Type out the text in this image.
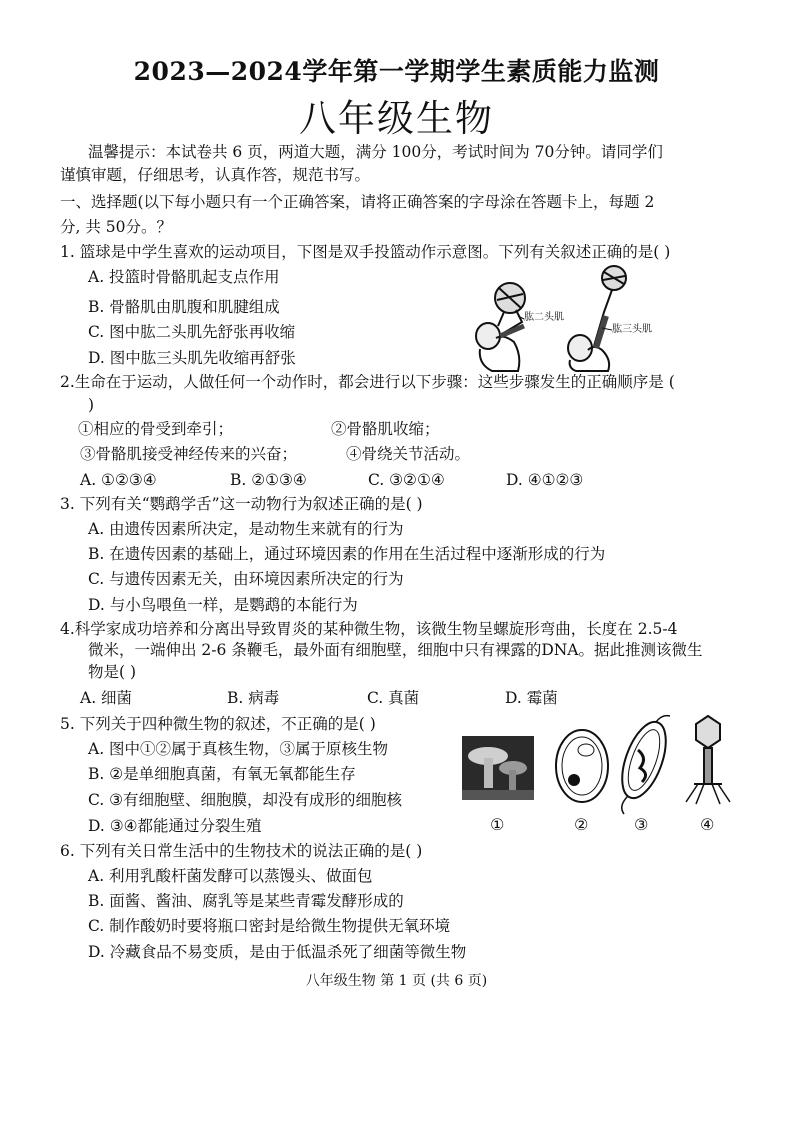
2023—2024学年第一学期学生素质能力监测
八年级生物
温馨提示：本试卷共 6 页，两道大题，满分 100分，考试时间为 70分钟。请同学们
谨慎审题，仔细思考，认真作答，规范书写。
一、选择题(以下每小题只有一个正确答案，请将正确答案的字母涂在答题卡上，每题 2
分, 共 50分。？
1. 篮球是中学生喜欢的运动项目，下图是双手投篮动作示意图。下列有关叙述正确的是( )
A. 投篮时骨骼肌起支点作用
B. 骨骼肌由肌腹和肌腱组成
C. 图中肱二头肌先舒张再收缩
D. 图中肱三头肌先收缩再舒张
肱二头肌
肱三头肌
2.生命在于运动，人做任何一个动作时，都会进行以下步骤：这些步骤发生的正确顺序是 (
)
①相应的骨受到牵引；	②骨骼肌收缩；
③骨骼肌接受神经传来的兴奋；	④骨绕关节活动。
A. ①②③④	B. ②①③④	C. ③②①④	D. ④①②③
3. 下列有关“鹦鹉学舌”这一动物行为叙述正确的是( )
A. 由遗传因素所决定，是动物生来就有的行为
B. 在遗传因素的基础上，通过环境因素的作用在生活过程中逐渐形成的行为
C. 与遗传因素无关，由环境因素所决定的行为
D. 与小鸟喂鱼一样，是鹦鹉的本能行为
4.科学家成功培养和分离出导致胃炎的某种微生物，该微生物呈螺旋形弯曲，长度在 2.5-4
微米，一端伸出 2-6 条鞭毛，最外面有细胞壁，细胞中只有裸露的DNA。据此推测该微生
物是( )
A. 细菌	B. 病毒	C. 真菌	D. 霉菌
5. 下列关于四种微生物的叙述，不正确的是( )
A. 图中①②属于真核生物，③属于原核生物
B. ②是单细胞真菌，有氧无氧都能生存
C. ③有细胞壁、细胞膜，却没有成形的细胞核
D. ③④都能通过分裂生殖	①	②	③	④
6. 下列有关日常生活中的生物技术的说法正确的是( )
A. 利用乳酸杆菌发酵可以蒸馒头、做面包
B. 面酱、酱油、腐乳等是某些青霉发酵形成的
C. 制作酸奶时要将瓶口密封是给微生物提供无氧环境
D. 冷藏食品不易变质，是由于低温杀死了细菌等微生物
八年级生物 第 1 页 (共 6 页)
